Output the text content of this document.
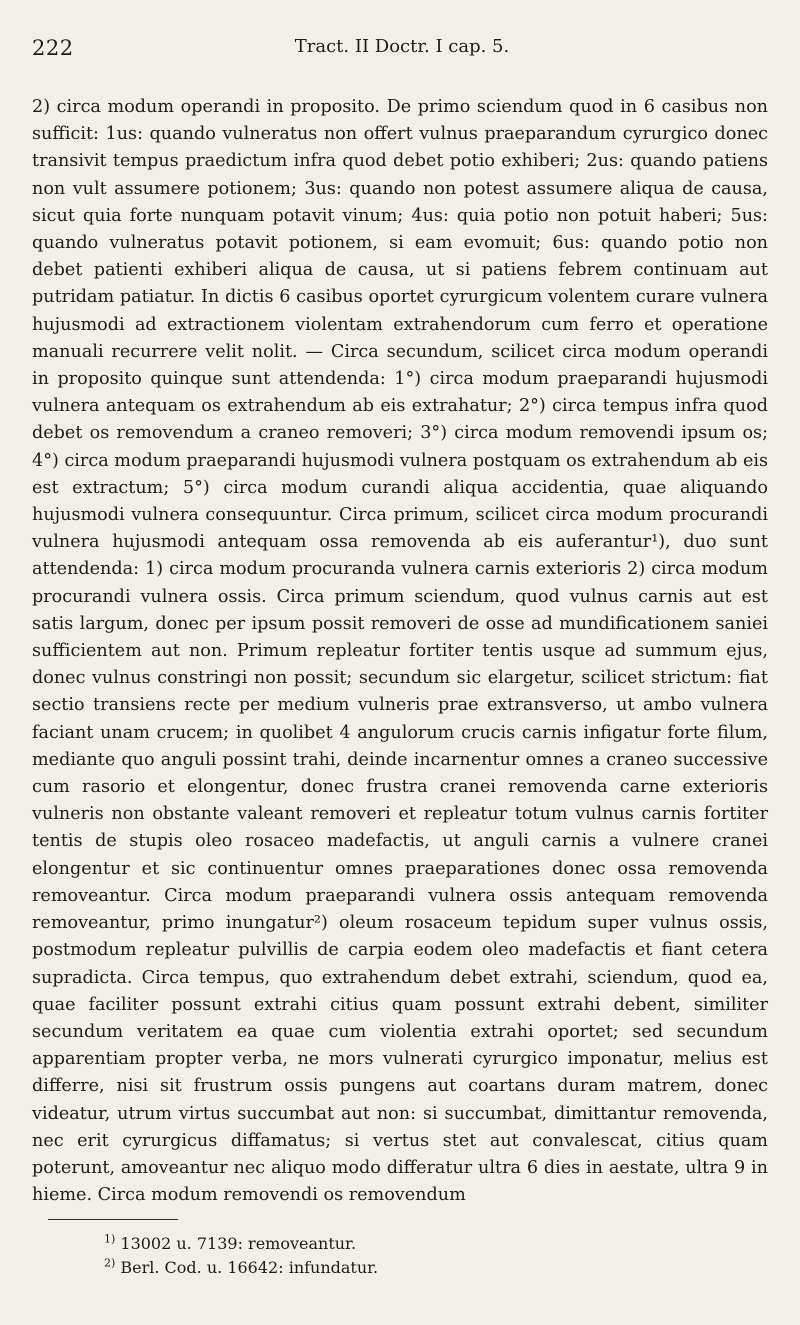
222	Tract. II Doctr. I cap. 5.

2) circa modum operandi in proposito. De primo sciendum quod in 6 casibus non sufficit: 1us: quando vulneratus non offert vulnus praeparandum cyrurgico donec transivit tempus praedictum infra quod debet potio exhiberi; 2us: quando patiens non vult assumere potionem; 3us: quando non potest assumere aliqua de causa, sicut quia forte nunquam potavit vinum; 4us: quia potio non potuit haberi; 5us: quando vulneratus potavit potionem, si eam evomuit; 6us: quando potio non debet patienti exhiberi aliqua de causa, ut si patiens febrem continuam aut putridam patiatur. In dictis 6 casibus oportet cyrurgicum volentem curare vulnera hujusmodi ad extractionem violentam extrahendorum cum ferro et operatione manuali recurrere velit nolit. — Circa secundum, scilicet circa modum operandi in proposito quinque sunt attendenda: 1°) circa modum praeparandi hujusmodi vulnera antequam os extrahendum ab eis extrahatur; 2°) circa tempus infra quod debet os removendum a craneo removeri; 3°) circa modum removendi ipsum os; 4°) circa modum praeparandi hujusmodi vulnera postquam os extrahendum ab eis est extractum; 5°) circa modum curandi aliqua accidentia, quae aliquando hujusmodi vulnera consequuntur. Circa primum, scilicet circa modum procurandi vulnera hujusmodi antequam ossa removenda ab eis auferantur¹), duo sunt attendenda: 1) circa modum procuranda vulnera carnis exterioris 2) circa modum procurandi vulnera ossis. Circa primum sciendum, quod vulnus carnis aut est satis largum, donec per ipsum possit removeri de osse ad mundificationem saniei sufficientem aut non. Primum repleatur fortiter tentis usque ad summum ejus, donec vulnus constringi non possit; secundum sic elargetur, scilicet strictum: fiat sectio transiens recte per medium vulneris prae extransverso, ut ambo vulnera faciant unam crucem; in quolibet 4 angulorum crucis carnis infigatur forte filum, mediante quo anguli possint trahi, deinde incarnentur omnes a craneo successive cum rasorio et elongentur, donec frustra cranei removenda carne exterioris vulneris non obstante valeant removeri et repleatur totum vulnus carnis fortiter tentis de stupis oleo rosaceo madefactis, ut anguli carnis a vulnere cranei elongentur et sic continuentur omnes praeparationes donec ossa removenda removeantur. Circa modum praeparandi vulnera ossis antequam removenda removeantur, primo inungatur²) oleum rosaceum tepidum super vulnus ossis, postmodum repleatur pulvillis de carpia eodem oleo madefactis et fiant cetera supradicta. Circa tempus, quo extrahendum debet extrahi, sciendum, quod ea, quae faciliter possunt extrahi citius quam possunt extrahi debent, similiter secundum veritatem ea quae cum violentia extrahi oportet; sed secundum apparentiam propter verba, ne mors vulnerati cyrurgico imponatur, melius est differre, nisi sit frustrum ossis pungens aut coartans duram matrem, donec videatur, utrum virtus succumbat aut non: si succumbat, dimittantur removenda, nec erit cyrurgicus diffamatus; si vertus stet aut convalescat, citius quam poterunt, amoveantur nec aliquo modo differatur ultra 6 dies in aestate, ultra 9 in hieme. Circa modum removendi os removendum

$^{1)}$ 13002 u. 7139: removeantur.

$^{2)}$ Berl. Cod. u. 16642: infundatur.
